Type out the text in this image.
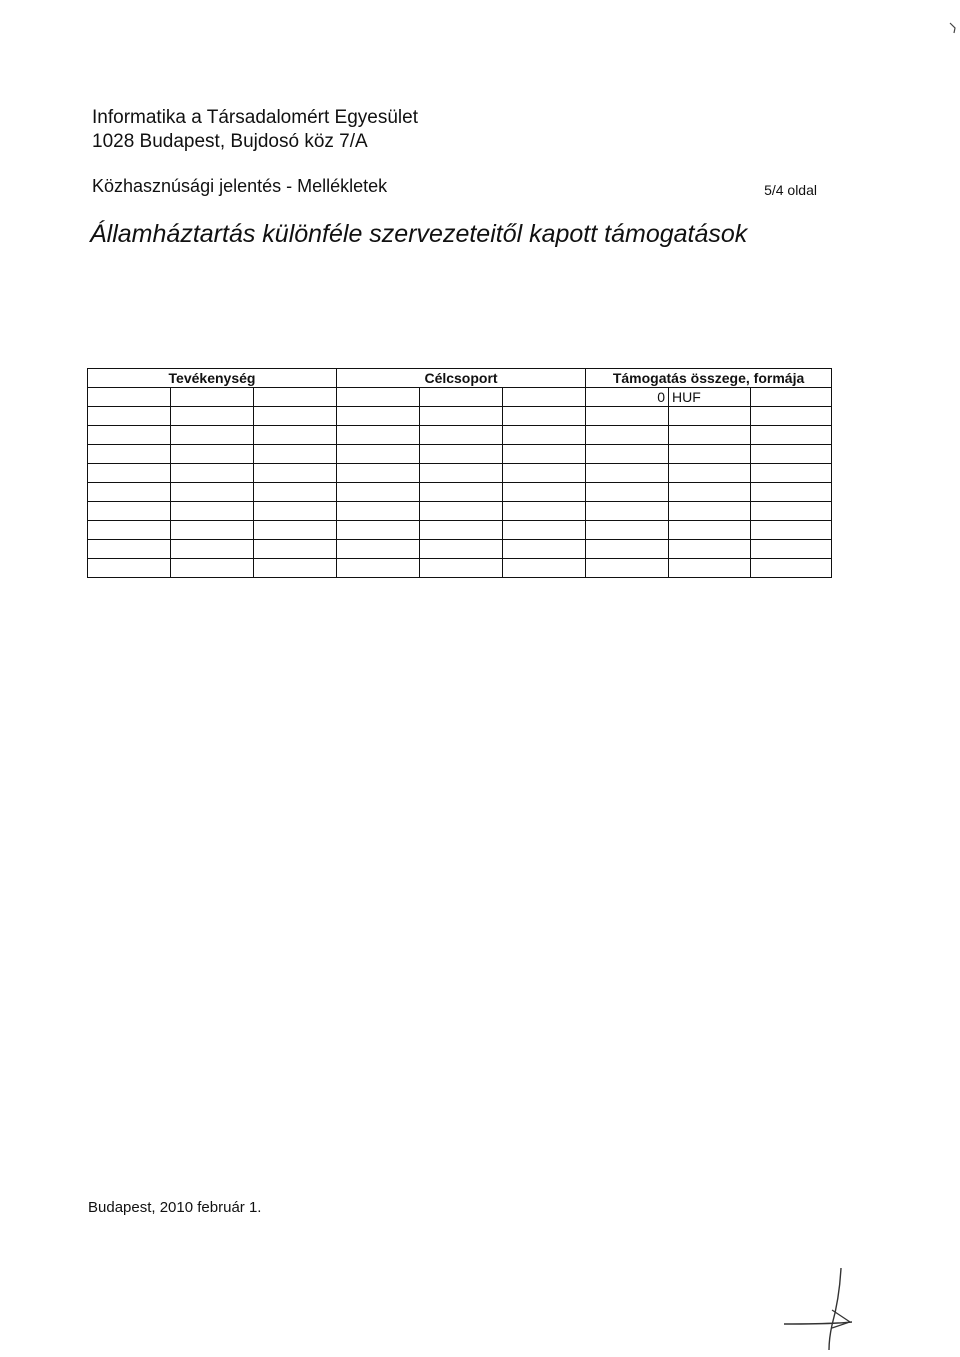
Informatika a Társadalomért Egyesület
1028 Budapest, Bujdosó köz 7/A
Közhasznúsági jelentés - Mellékletek	5/4 oldal
Államháztartás különféle szervezeteitől kapott támogatások
Tevékenység			Célcsoport			Támogatás összege, formája		
						0	HUF	

Budapest, 2010 február 1.
